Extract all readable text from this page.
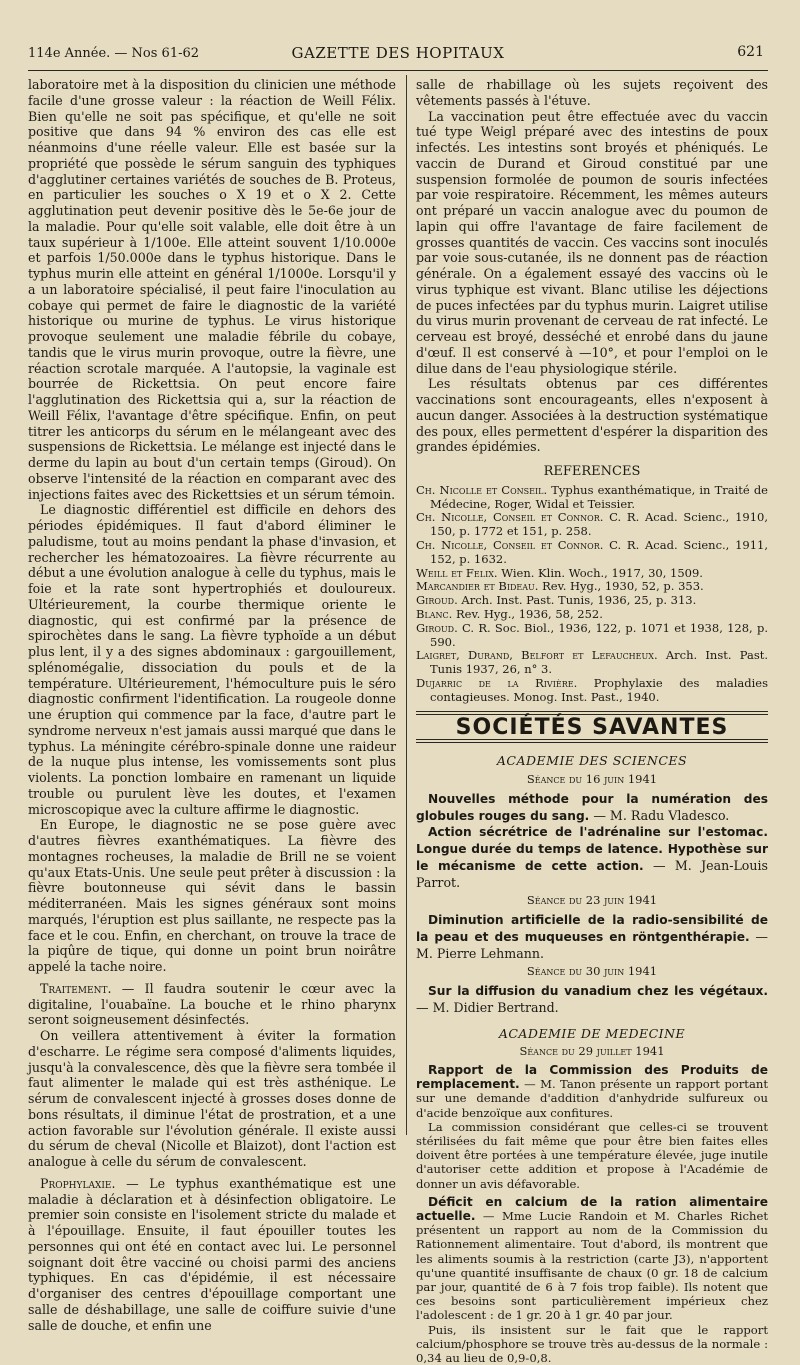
114e Année. — Nos 61-62	GAZETTE DES HOPITAUX	621

laboratoire met à la disposition du clinicien une méthode facile d'une grosse valeur : la réaction de Weill Félix. Bien qu'elle ne soit pas spécifique, et qu'elle ne soit positive que dans 94 % environ des cas elle est néanmoins d'une réelle valeur. Elle est basée sur la propriété que possède le sérum sanguin des typhiques d'agglutiner certaines variétés de souches de B. Proteus, en particulier les souches o X 19 et o X 2. Cette agglutination peut devenir positive dès le 5e-6e jour de la maladie. Pour qu'elle soit valable, elle doit être à un taux supérieur à 1/100e. Elle atteint souvent 1/10.000e et parfois 1/50.000e dans le typhus historique. Dans le typhus murin elle atteint en général 1/1000e. Lorsqu'il y a un laboratoire spécialisé, il peut faire l'inoculation au cobaye qui permet de faire le diagnostic de la variété historique ou murine de typhus. Le virus historique provoque seulement une maladie fébrile du cobaye, tandis que le virus murin provoque, outre la fièvre, une réaction scrotale marquée. A l'autopsie, la vaginale est bourrée de Rickettsia. On peut encore faire l'agglutination des Rickettsia qui a, sur la réaction de Weill Félix, l'avantage d'être spécifique. Enfin, on peut titrer les anticorps du sérum en le mélangeant avec des suspensions de Rickettsia. Le mélange est injecté dans le derme du lapin au bout d'un certain temps (Giroud). On observe l'intensité de la réaction en comparant avec des injections faites avec des Rickettsies et un sérum témoin.

Le diagnostic différentiel est difficile en dehors des périodes épidémiques. Il faut d'abord éliminer le paludisme, tout au moins pendant la phase d'invasion, et rechercher les hématozoaires. La fièvre récurrente au début a une évolution analogue à celle du typhus, mais le foie et la rate sont hypertrophiés et douloureux. Ultérieurement, la courbe thermique oriente le diagnostic, qui est confirmé par la présence de spirochètes dans le sang. La fièvre typhoïde a un début plus lent, il y a des signes abdominaux : gargouillement, splénomégalie, dissociation du pouls et de la température. Ultérieurement, l'hémoculture puis le séro diagnostic confirment l'identification. La rougeole donne une éruption qui commence par la face, d'autre part le syndrome nerveux n'est jamais aussi marqué que dans le typhus. La méningite cérébro-spinale donne une raideur de la nuque plus intense, les vomissements sont plus violents. La ponction lombaire en ramenant un liquide trouble ou purulent lève les doutes, et l'examen microscopique avec la culture affirme le diagnostic.

En Europe, le diagnostic ne se pose guère avec d'autres fièvres exanthématiques. La fièvre des montagnes rocheuses, la maladie de Brill ne se voient qu'aux Etats-Unis. Une seule peut prêter à discussion : la fièvre boutonneuse qui sévit dans le bassin méditerranéen. Mais les signes généraux sont moins marqués, l'éruption est plus saillante, ne respecte pas la face et le cou. Enfin, en cherchant, on trouve la trace de la piqûre de tique, qui donne un point brun noirâtre appelé la tache noire.

Traitement. — Il faudra soutenir le cœur avec la digitaline, l'ouabaïne. La bouche et le rhino pharynx seront soigneusement désinfectés.

On veillera attentivement à éviter la formation d'escharre. Le régime sera composé d'aliments liquides, jusqu'à la convalescence, dès que la fièvre sera tombée il faut alimenter le malade qui est très asthénique. Le sérum de convalescent injecté à grosses doses donne de bons résultats, il diminue l'état de prostration, et a une action favorable sur l'évolution générale. Il existe aussi du sérum de cheval (Nicolle et Blaizot), dont l'action est analogue à celle du sérum de convalescent.

Prophylaxie. — Le typhus exanthématique est une maladie à déclaration et à désinfection obligatoire. Le premier soin consiste en l'isolement stricte du malade et à l'épouillage. Ensuite, il faut épouiller toutes les personnes qui ont été en contact avec lui. Le personnel soignant doit être vacciné ou choisi parmi des anciens typhiques. En cas d'épidémie, il est nécessaire d'organiser des centres d'épouillage comportant une salle de déshabillage, une salle de coiffure suivie d'une salle de douche, et enfin une

salle de rhabillage où les sujets reçoivent des vêtements passés à l'étuve.

La vaccination peut être effectuée avec du vaccin tué type Weigl préparé avec des intestins de poux infectés. Les intestins sont broyés et phéniqués. Le vaccin de Durand et Giroud constitué par une suspension formolée de poumon de souris infectées par voie respiratoire. Récemment, les mêmes auteurs ont préparé un vaccin analogue avec du poumon de lapin qui offre l'avantage de faire facilement de grosses quantités de vaccin. Ces vaccins sont inoculés par voie sous-cutanée, ils ne donnent pas de réaction générale. On a également essayé des vaccins où le virus typhique est vivant. Blanc utilise les déjections de puces infectées par du typhus murin. Laigret utilise du virus murin provenant de cerveau de rat infecté. Le cerveau est broyé, desséché et enrobé dans du jaune d'œuf. Il est conservé à —10°, et pour l'emploi on le dilue dans de l'eau physiologique stérile.

Les résultats obtenus par ces différentes vaccinations sont encourageants, elles n'exposent à aucun danger. Associées à la destruction systématique des poux, elles permettent d'espérer la disparition des grandes épidémies.

REFERENCES

Ch. Nicolle et Conseil. Typhus exanthématique, in Traité de Médecine, Roger, Widal et Teissier.

Ch. Nicolle, Conseil et Connor. C. R. Acad. Scienc., 1910, 150, p. 1772 et 151, p. 258.

Ch. Nicolle, Conseil et Connor. C. R. Acad. Scienc., 1911, 152, p. 1632.

Weill et Felix. Wien. Klin. Woch., 1917, 30, 1509.

Marcandier et Bideau. Rev. Hyg., 1930, 52, p. 353.

Giroud. Arch. Inst. Past. Tunis, 1936, 25, p. 313.

Blanc. Rev. Hyg., 1936, 58, 252.

Giroud. C. R. Soc. Biol., 1936, 122, p. 1071 et 1938, 128, p. 590.

Laigret, Durand, Belfort et Lefaucheux. Arch. Inst. Past. Tunis 1937, 26, n° 3.

Dujarric de la Rivière. Prophylaxie des maladies contagieuses. Monog. Inst. Past., 1940.

SOCIÉTÉS SAVANTES
ACADEMIE DES SCIENCES
Séance du 16 juin 1941

Nouvelles méthode pour la numération des globules rouges du sang. — M. Radu Vladesco.

Action sécrétrice de l'adrénaline sur l'estomac. Longue durée du temps de latence. Hypothèse sur le mécanisme de cette action. — M. Jean-Louis Parrot.

Séance du 23 juin 1941

Diminution artificielle de la radio-sensibilité de la peau et des muqueuses en röntgenthérapie. — M. Pierre Lehmann.

Séance du 30 juin 1941

Sur la diffusion du vanadium chez les végétaux. — M. Didier Bertrand.

ACADEMIE DE MEDECINE
Séance du 29 juillet 1941

Rapport de la Commission des Produits de remplacement. — M. Tanon présente un rapport portant sur une demande d'addition d'anhydride sulfureux ou d'acide benzoïque aux confitures.

La commission considérant que celles-ci se trouvent stérilisées du fait même que pour être bien faites elles doivent être portées à une température élevée, juge inutile d'autoriser cette addition et propose à l'Académie de donner un avis défavorable.

Déficit en calcium de la ration alimentaire actuelle. — Mme Lucie Randoin et M. Charles Richet présentent un rapport au nom de la Commission du Rationnement alimentaire. Tout d'abord, ils montrent que les aliments soumis à la restriction (carte J3), n'apportent qu'une quantité insuffisante de chaux (0 gr. 18 de calcium par jour, quantité de 6 à 7 fois trop faible). Ils notent que ces besoins sont particulièrement impérieux chez l'adolescent : de 1 gr. 20 à 1 gr. 40 par jour.

Puis, ils insistent sur le fait que le rapport calcium/phosphore se trouve très au-dessus de la normale : 0,34 au lieu de 0,9-0,8.
